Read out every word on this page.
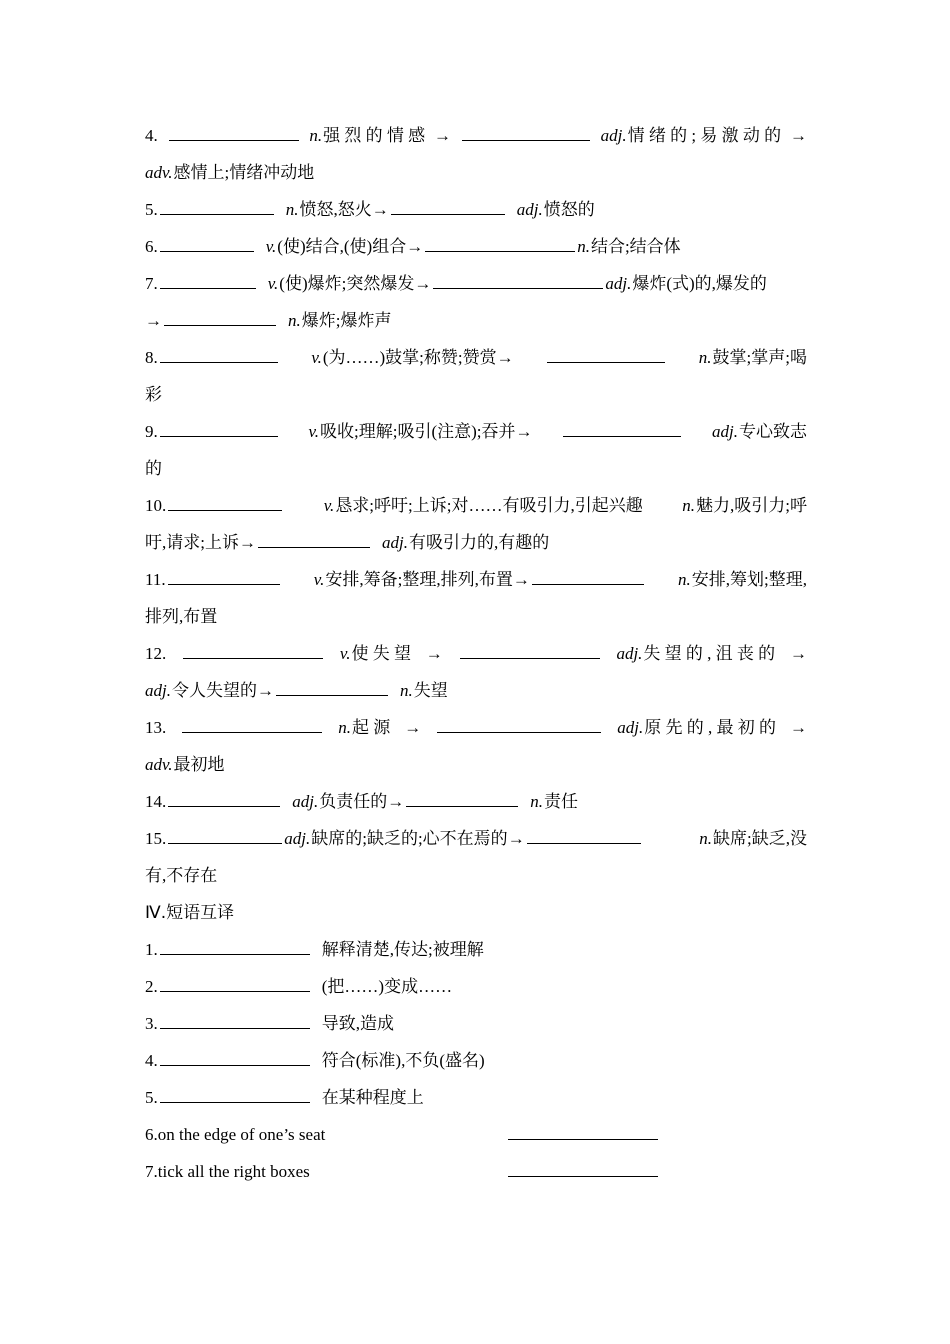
4.	n.强 烈 的 情 感 →	adj.情 绪 的 ; 易 激 动 的 →
adv.感情上;情绪冲动地
5.	n.愤怒,怒火→	adj.愤怒的
6.	v.(使)结合,(使)组合→	n.结合;结合体
7.	v.(使)爆炸;突然爆发→	adj.爆炸(式)的,爆发的
→	n.爆炸;爆炸声
8.	v.(为……)鼓掌;称赞;赞赏→	n.鼓掌;掌声;喝
彩
9.	v.吸收;理解;吸引(注意);吞并→	adj.专心致志
的
10.	v.恳求;呼吁;上诉;对……有吸引力,引起兴趣 n.魅力,吸引力;呼
吁,请求;上诉→	adj.有吸引力的,有趣的
11.	v.安排,筹备;整理,排列,布置→	n.安排,筹划;整理,
排列,布置
12.	v.使 失 望 →	adj.失 望 的 , 沮 丧 的 →
adj.令人失望的→	n.失望
13.	n.起 源 →	adj.原 先 的 , 最 初 的 →
adv.最初地
14.	adj.负责任的→	n.责任
15.	adj.缺席的;缺乏的;心不在焉的→	n.缺席;缺乏,没
有,不存在
Ⅳ.短语互译
1.	解释清楚,传达;被理解
2.	(把……)变成……
3.	导致,造成
4.	符合(标准),不负(盛名)
5.	在某种程度上
6.on the edge of one’s seat
7.tick all the right boxes
